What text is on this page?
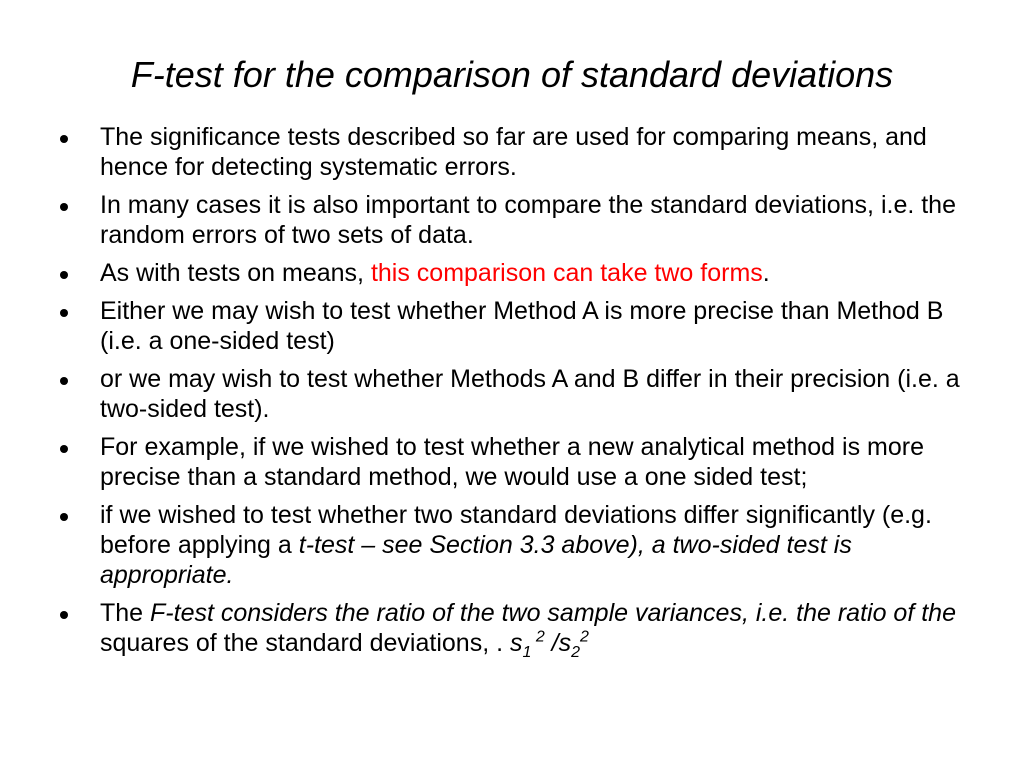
F-test for the comparison of standard deviations
The significance tests described so far are used for comparing means, and hence for detecting systematic errors.
In many cases it is also important to compare the standard deviations, i.e. the random errors of two sets of data.
As with tests on means, this comparison can take two forms.
Either we may wish to test whether Method A is more precise than Method B (i.e. a one-sided test)
or we may wish to test whether Methods A and B differ in their precision (i.e. a two-sided test).
For example, if we wished to test whether a new analytical method is more precise than a standard method, we would use a one sided test;
if we wished to test whether two standard deviations differ significantly (e.g. before applying a t-test – see Section 3.3 above), a two-sided test is appropriate.
The F-test considers the ratio of the two sample variances, i.e. the ratio of the squares of the standard deviations, . $s_1$ $^2$ $/s_2^2$
